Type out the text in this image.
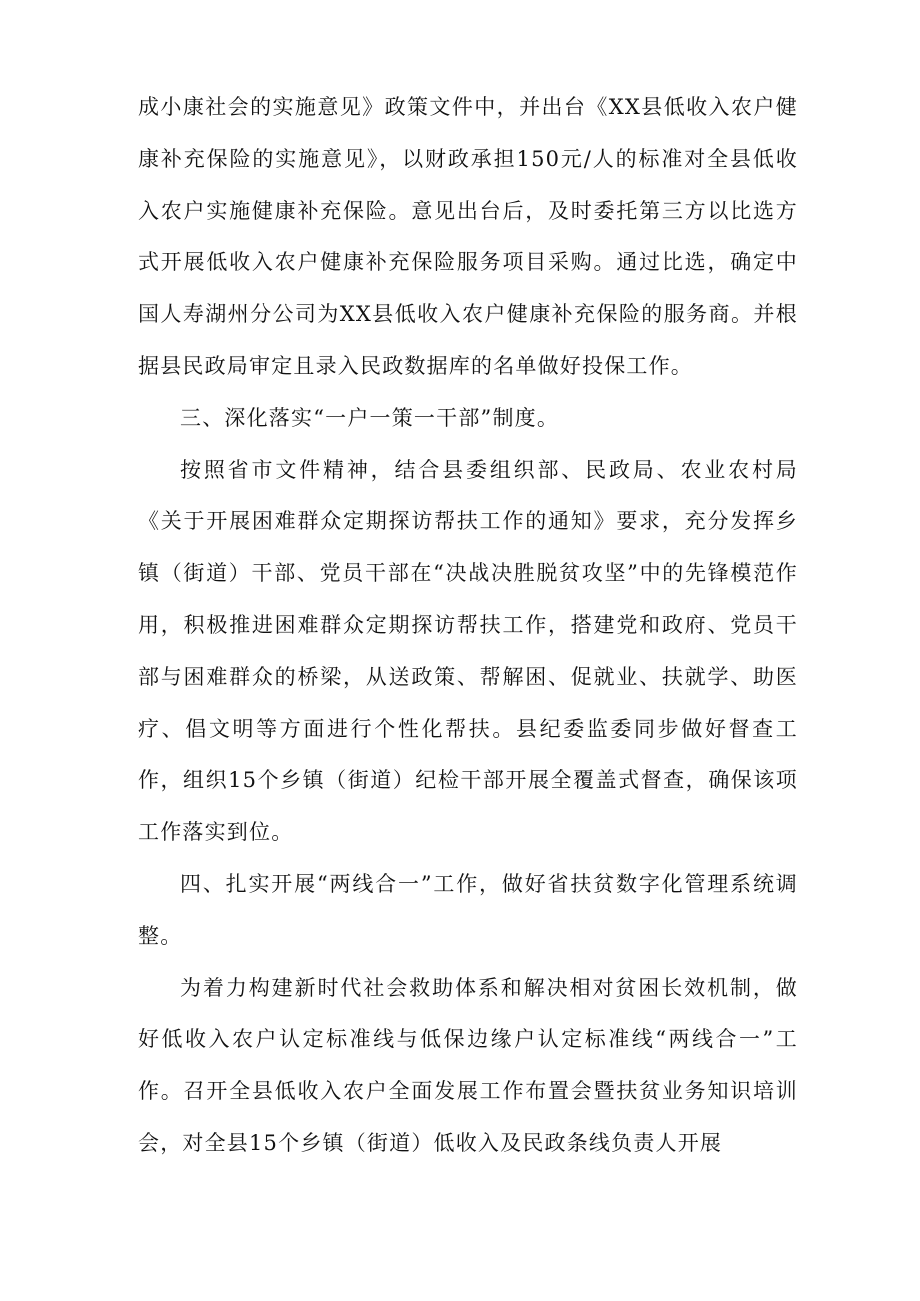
成小康社会的实施意见》政策文件中，并出台《XX县低收入农户健康补充保险的实施意见》，以财政承担150元/人的标准对全县低收入农户实施健康补充保险。意见出台后，及时委托第三方以比选方式开展低收入农户健康补充保险服务项目采购。通过比选，确定中国人寿湖州分公司为XX县低收入农户健康补充保险的服务商。并根据县民政局审定且录入民政数据库的名单做好投保工作。

三、深化落实“一户一策一干部”制度。

按照省市文件精神，结合县委组织部、民政局、农业农村局《关于开展困难群众定期探访帮扶工作的通知》要求，充分发挥乡镇（街道）干部、党员干部在“决战决胜脱贫攻坚”中的先锋模范作用，积极推进困难群众定期探访帮扶工作，搭建党和政府、党员干部与困难群众的桥梁，从送政策、帮解困、促就业、扶就学、助医疗、倡文明等方面进行个性化帮扶。县纪委监委同步做好督查工作，组织15个乡镇（街道）纪检干部开展全覆盖式督查，确保该项工作落实到位。

四、扎实开展“两线合一”工作，做好省扶贫数字化管理系统调整。

为着力构建新时代社会救助体系和解决相对贫困长效机制，做好低收入农户认定标准线与低保边缘户认定标准线“两线合一”工作。召开全县低收入农户全面发展工作布置会暨扶贫业务知识培训会，对全县15个乡镇（街道）低收入及民政条线负责人开展
